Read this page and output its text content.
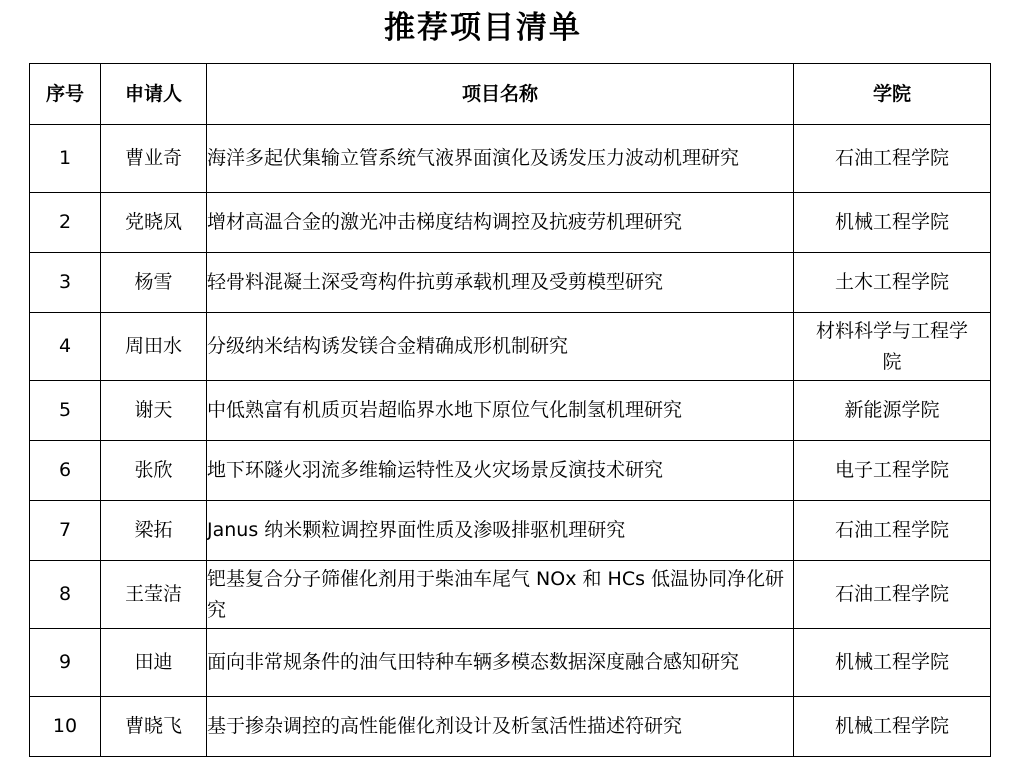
推荐项目清单
序号	申请人	项目名称	学院
1	曹业奇	海洋多起伏集输立管系统气液界面演化及诱发压力波动机理研究	石油工程学院
2	党晓凤	增材高温合金的激光冲击梯度结构调控及抗疲劳机理研究	机械工程学院
3	杨雪	轻骨料混凝土深受弯构件抗剪承载机理及受剪模型研究	土木工程学院
4	周田水	分级纳米结构诱发镁合金精确成形机制研究	材料科学与工程学院
5	谢天	中低熟富有机质页岩超临界水地下原位气化制氢机理研究	新能源学院
6	张欣	地下环隧火羽流多维输运特性及火灾场景反演技术研究	电子工程学院
7	梁拓	Janus 纳米颗粒调控界面性质及渗吸排驱机理研究	石油工程学院
8	王莹洁	钯基复合分子筛催化剂用于柴油车尾气 NOx 和 HCs 低温协同净化研究	石油工程学院
9	田迪	面向非常规条件的油气田特种车辆多模态数据深度融合感知研究	机械工程学院
10	曹晓飞	基于掺杂调控的高性能催化剂设计及析氢活性描述符研究	机械工程学院
